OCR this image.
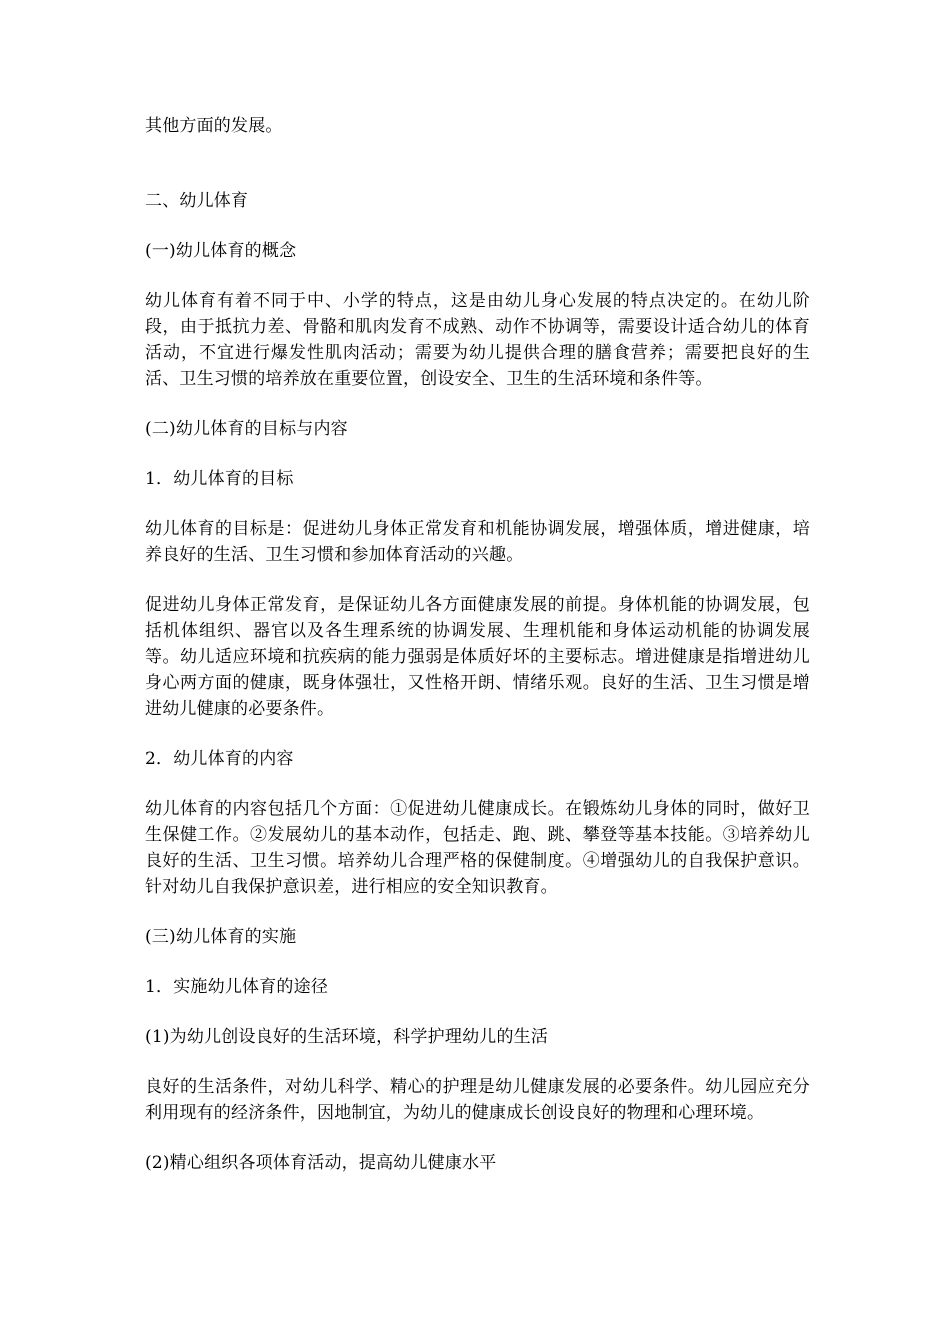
其他方面的发展。

二、幼儿体育

(一)幼儿体育的概念

幼儿体育有着不同于中、小学的特点，这是由幼儿身心发展的特点决定的。在幼儿阶段，由于抵抗力差、骨骼和肌肉发育不成熟、动作不协调等，需要设计适合幼儿的体育活动，不宜进行爆发性肌肉活动；需要为幼儿提供合理的膳食营养；需要把良好的生活、卫生习惯的培养放在重要位置，创设安全、卫生的生活环境和条件等。

(二)幼儿体育的目标与内容

1．幼儿体育的目标

幼儿体育的目标是：促进幼儿身体正常发育和机能协调发展，增强体质，增进健康，培养良好的生活、卫生习惯和参加体育活动的兴趣。

促进幼儿身体正常发育，是保证幼儿各方面健康发展的前提。身体机能的协调发展，包括机体组织、器官以及各生理系统的协调发展、生理机能和身体运动机能的协调发展等。幼儿适应环境和抗疾病的能力强弱是体质好坏的主要标志。增进健康是指增进幼儿身心两方面的健康，既身体强壮，又性格开朗、情绪乐观。良好的生活、卫生习惯是增进幼儿健康的必要条件。

2．幼儿体育的内容

幼儿体育的内容包括几个方面：①促进幼儿健康成长。在锻炼幼儿身体的同时，做好卫生保健工作。②发展幼儿的基本动作，包括走、跑、跳、攀登等基本技能。③培养幼儿良好的生活、卫生习惯。培养幼儿合理严格的保健制度。④增强幼儿的自我保护意识。针对幼儿自我保护意识差，进行相应的安全知识教育。

(三)幼儿体育的实施

1．实施幼儿体育的途径

(1)为幼儿创设良好的生活环境，科学护理幼儿的生活

良好的生活条件，对幼儿科学、精心的护理是幼儿健康发展的必要条件。幼儿园应充分利用现有的经济条件，因地制宜，为幼儿的健康成长创设良好的物理和心理环境。

(2)精心组织各项体育活动，提高幼儿健康水平
